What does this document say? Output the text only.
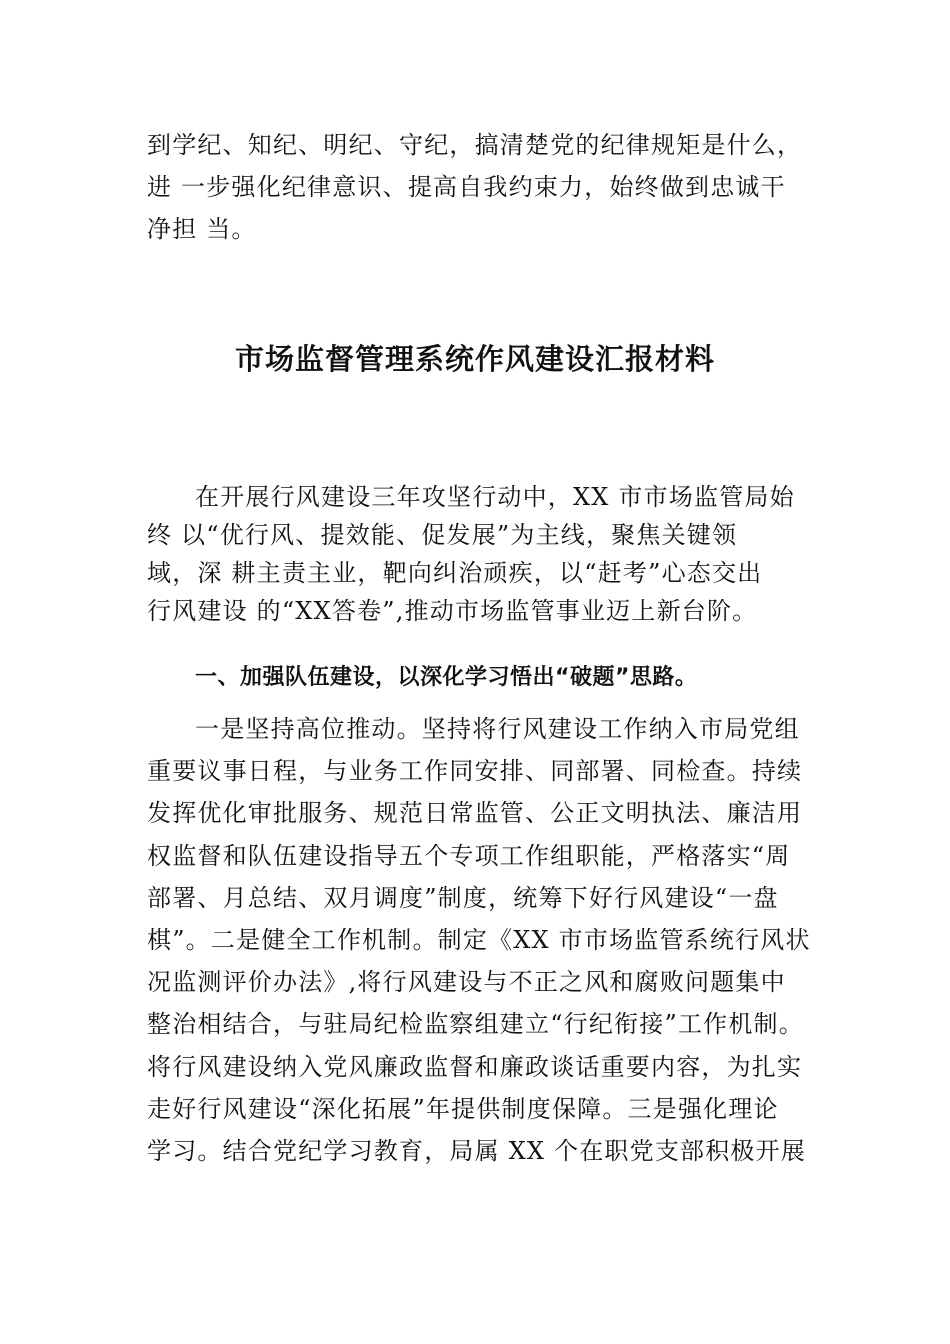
到学纪、知纪、明纪、守纪，搞清楚党的纪律规矩是什么，
进 一步强化纪律意识、提高自我约束力，始终做到忠诚干
净担 当。
市场监督管理系统作风建设汇报材料
在开展行风建设三年攻坚行动中，XX 市市场监管局始
终 以“优行风、提效能、促发展”为主线，聚焦关键领
域，深 耕主责主业，靶向纠治顽疾，以“赶考”心态交出
行风建设 的“XX答卷”,推动市场监管事业迈上新台阶。
一、加强队伍建设，以深化学习悟出“破题”思路。
一是坚持高位推动。坚持将行风建设工作纳入市局党组
重要议事日程，与业务工作同安排、同部署、同检查。持续
发挥优化审批服务、规范日常监管、公正文明执法、廉洁用
权监督和队伍建设指导五个专项工作组职能，严格落实“周
部署、月总结、双月调度”制度，统筹下好行风建设“一盘
棋”。二是健全工作机制。制定《XX 市市场监管系统行风状
况监测评价办法》,将行风建设与不正之风和腐败问题集中
整治相结合，与驻局纪检监察组建立“行纪衔接”工作机制。
将行风建设纳入党风廉政监督和廉政谈话重要内容，为扎实
走好行风建设“深化拓展”年提供制度保障。三是强化理论
学习。结合党纪学习教育，局属 XX 个在职党支部积极开展
